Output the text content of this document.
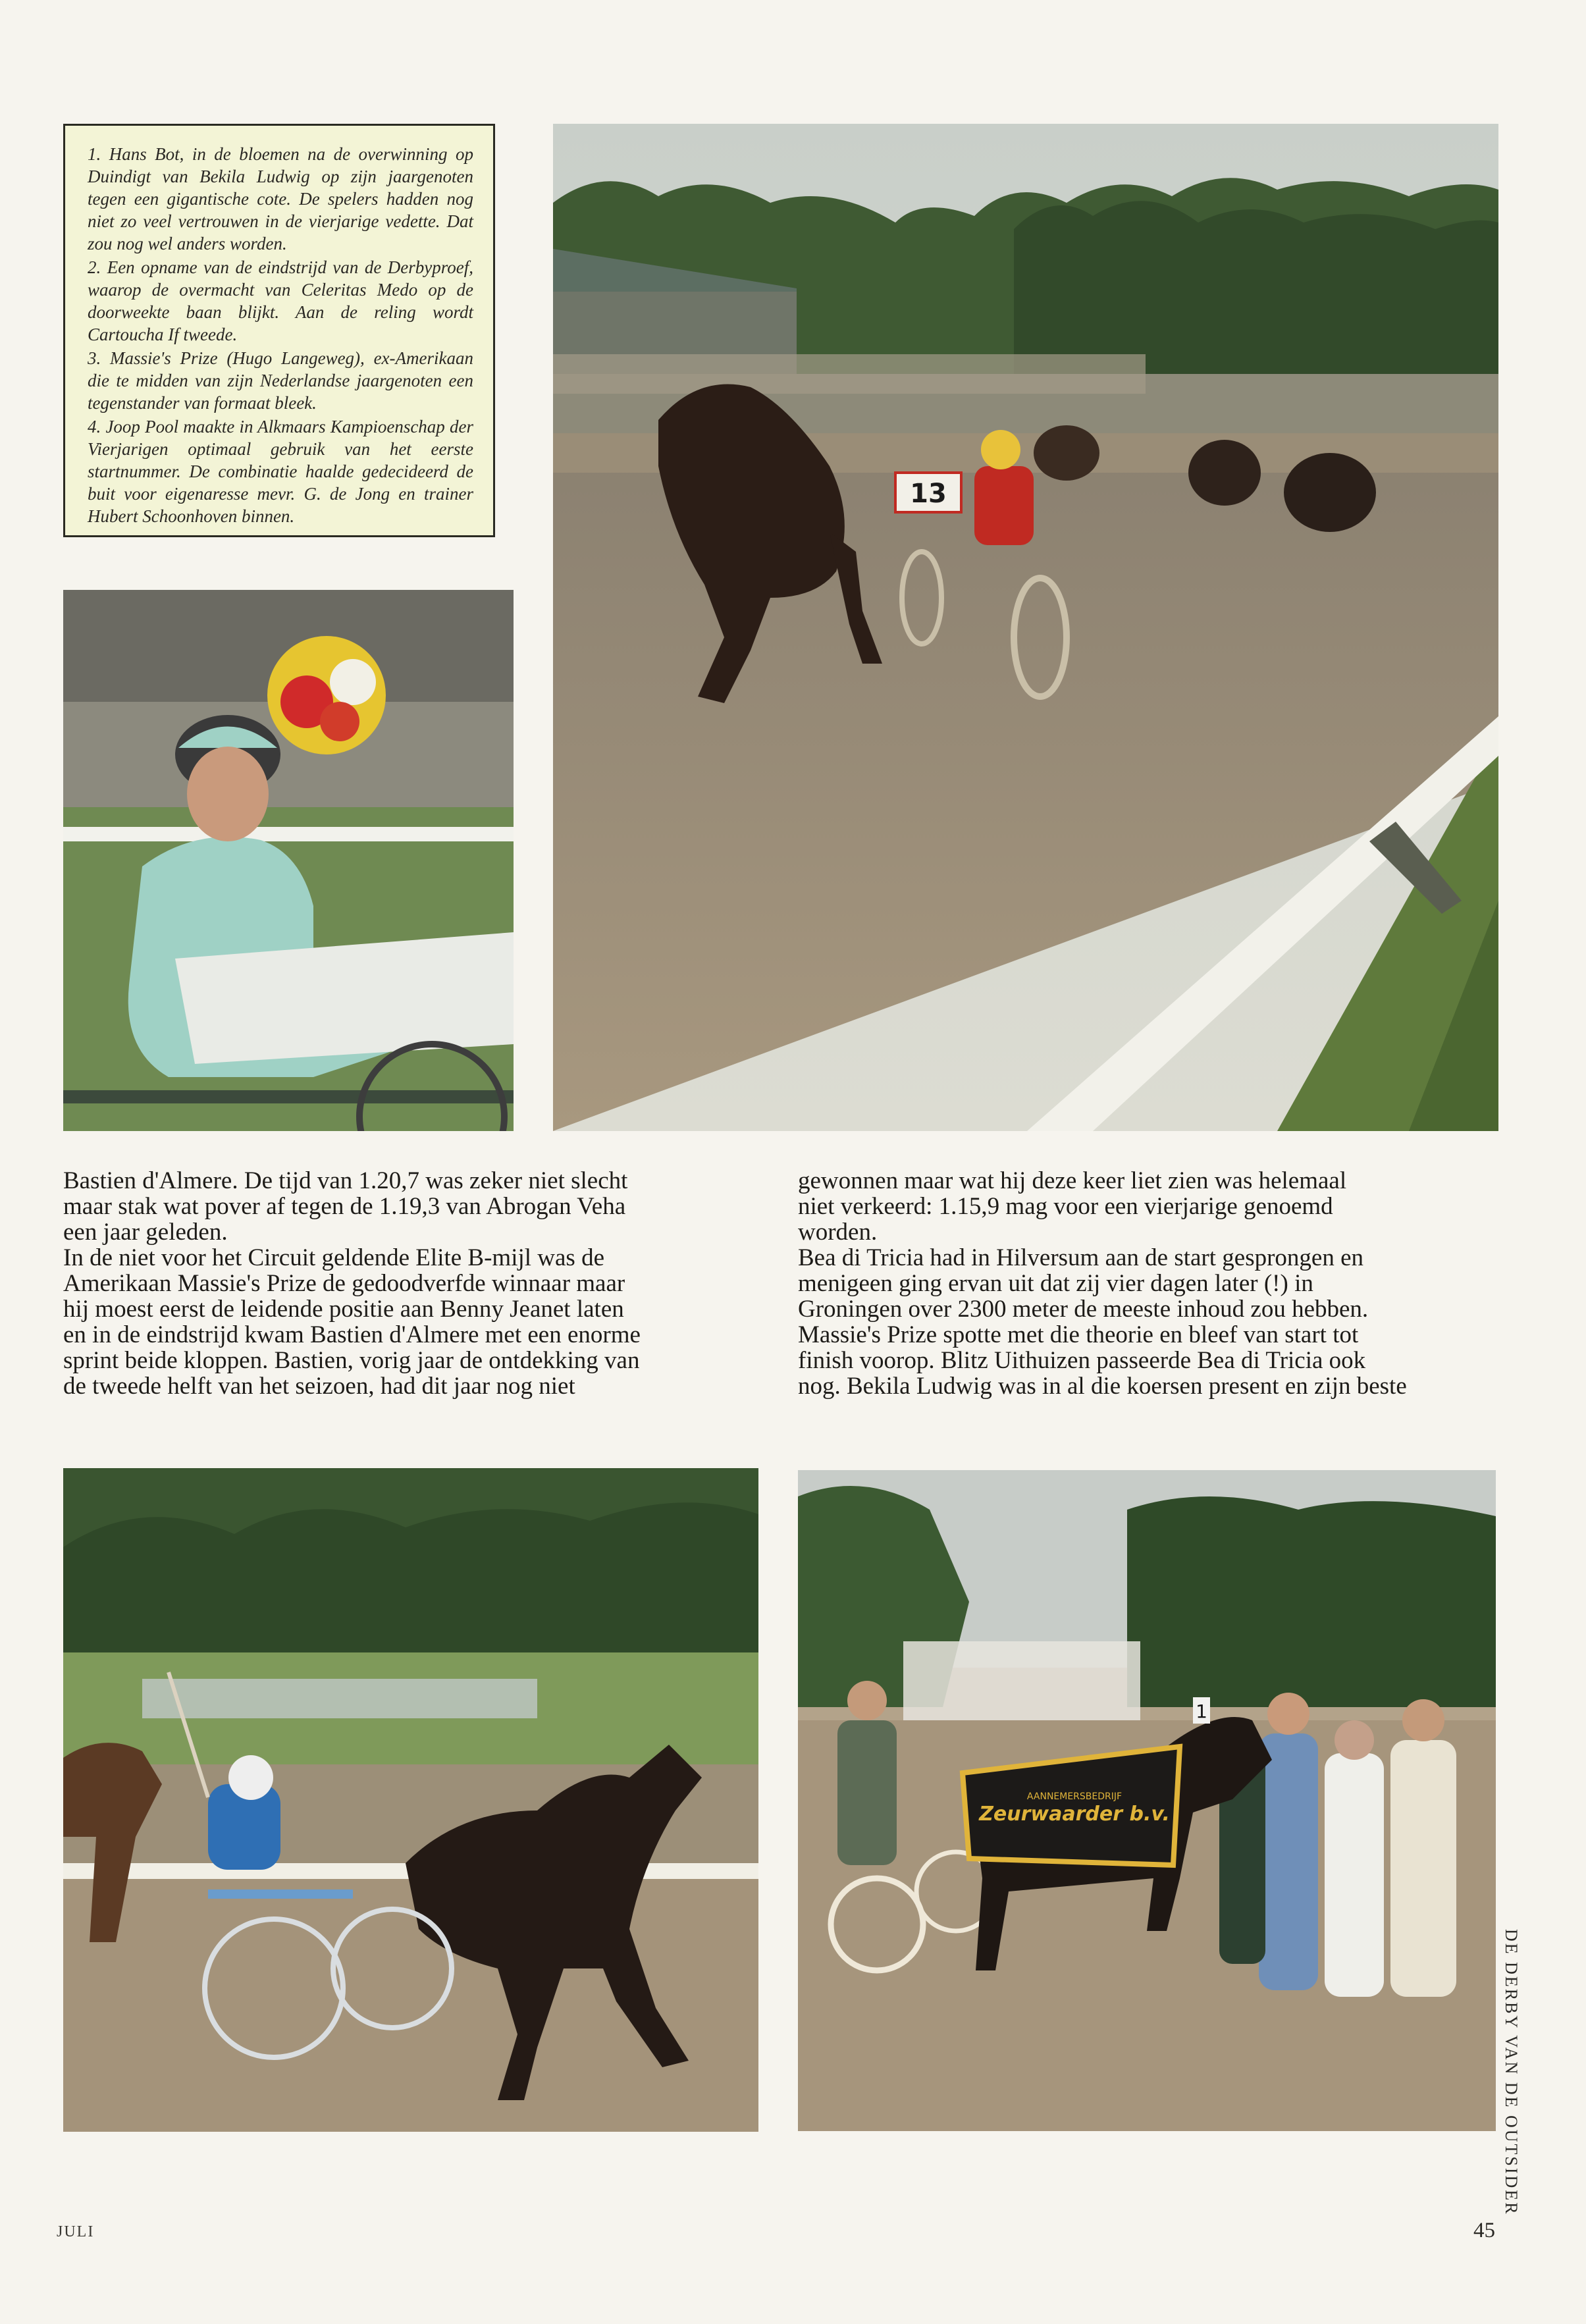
1. Hans Bot, in de bloemen na de overwinning op Duindigt van Bekila Ludwig op zijn jaargenoten tegen een gigantische cote. De spelers hadden nog niet zo veel vertrouwen in de vierjarige vedette. Dat zou nog wel anders worden.

2. Een opname van de eindstrijd van de Derbyproef, waarop de overmacht van Celeritas Medo op de doorweekte baan blijkt. Aan de reling wordt Cartoucha If tweede.

3. Massie's Prize (Hugo Langeweg), ex-Amerikaan die te midden van zijn Nederlandse jaargenoten een tegenstander van formaat bleek.

4. Joop Pool maakte in Alkmaars Kampioenschap der Vierjarigen optimaal gebruik van het eerste startnummer. De combinatie haalde gedecideerd de buit voor eigenaresse mevr. G. de Jong en trainer Hubert Schoonhoven binnen.

13
AANNEMERSBEDRIJF
Zeurwaarder b.v.
1
Bastien d'Almere. De tijd van 1.20,7 was zeker niet slecht
maar stak wat pover af tegen de 1.19,3 van Abrogan Veha
een jaar geleden.
In de niet voor het Circuit geldende Elite B-mijl was de
Amerikaan Massie's Prize de gedoodverfde winnaar maar
hij moest eerst de leidende positie aan Benny Jeanet laten
en in de eindstrijd kwam Bastien d'Almere met een enorme
sprint beide kloppen. Bastien, vorig jaar de ontdekking van
de tweede helft van het seizoen, had dit jaar nog niet
gewonnen maar wat hij deze keer liet zien was helemaal
niet verkeerd: 1.15,9 mag voor een vierjarige genoemd
worden.
Bea di Tricia had in Hilversum aan de start gesprongen en
menigeen ging ervan uit dat zij vier dagen later (!) in
Groningen over 2300 meter de meeste inhoud zou hebben.
Massie's Prize spotte met die theorie en bleef van start tot
finish voorop. Blitz Uithuizen passeerde Bea di Tricia ook
nog. Bekila Ludwig was in al die koersen present en zijn beste
DE DERBY VAN DE OUTSIDER
JULI	45
